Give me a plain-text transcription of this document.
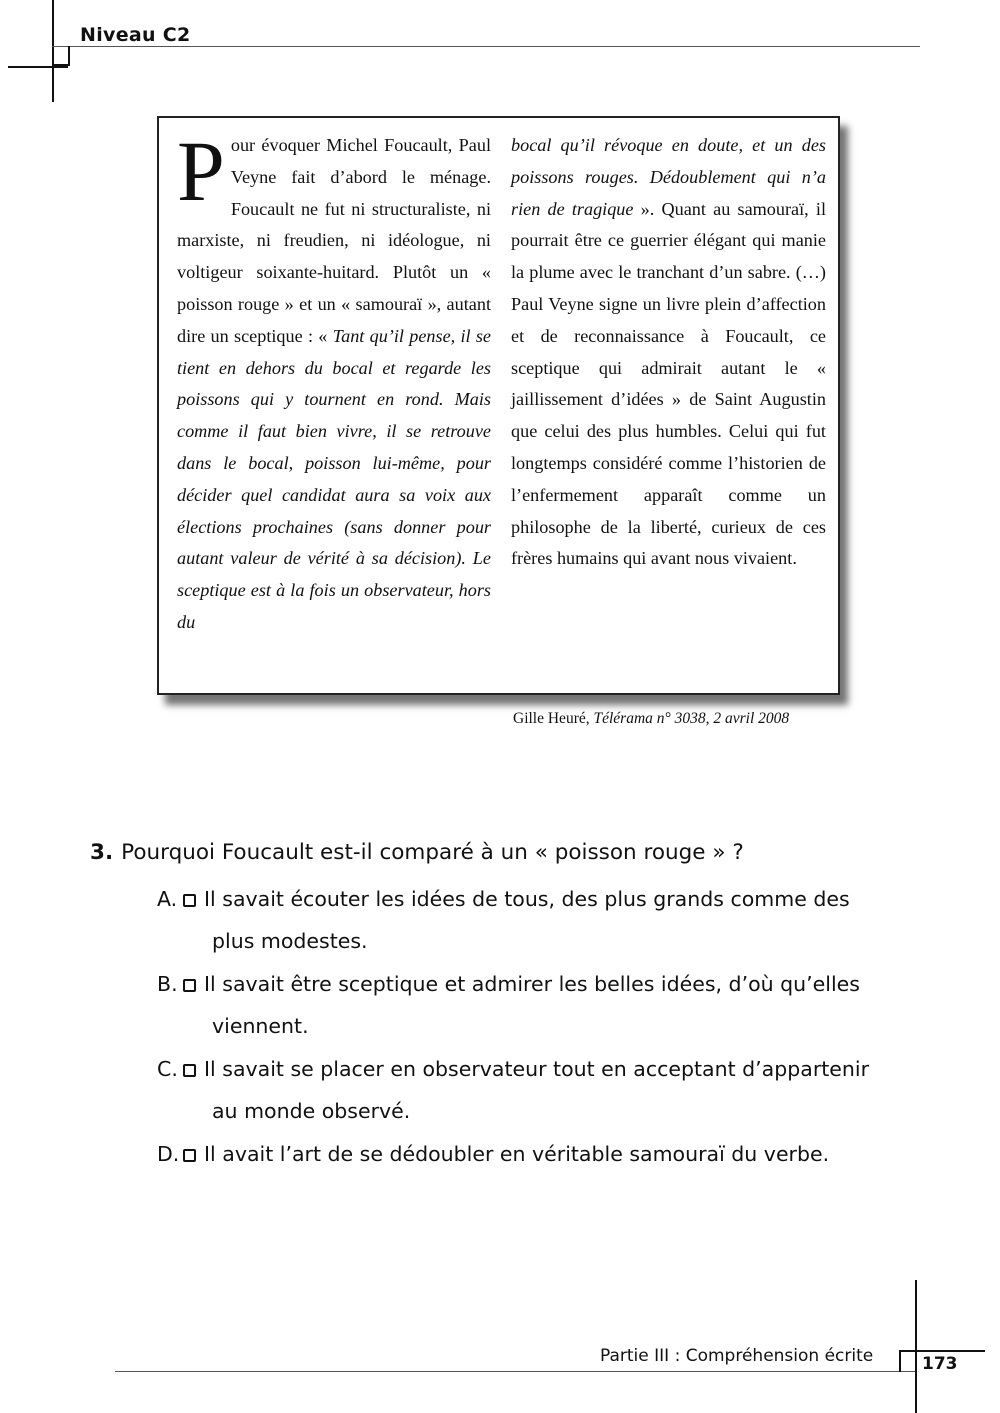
Niveau C2

Pour évoquer Michel Foucault, Paul Veyne fait d’abord le ménage. Foucault ne fut ni structuraliste, ni marxiste, ni freudien, ni idéologue, ni voltigeur soixante-huitard. Plutôt un « poisson rouge » et un « samouraï », autant dire un sceptique : « Tant qu’il pense, il se tient en dehors du bocal et regarde les poissons qui y tournent en rond. Mais comme il faut bien vivre, il se retrouve dans le bocal, poisson lui-même, pour décider quel candidat aura sa voix aux élections prochaines (sans donner pour autant valeur de vérité à sa décision). Le sceptique est à la fois un observateur, hors du

bocal qu’il révoque en doute, et un des poissons rouges. Dédoublement qui n’a rien de tragique ». Quant au samouraï, il pourrait être ce guerrier élégant qui manie la plume avec le tranchant d’un sabre. (…) Paul Veyne signe un livre plein d’affection et de reconnaissance à Foucault, ce sceptique qui admirait autant le « jaillissement d’idées » de Saint Augustin que celui des plus humbles. Celui qui fut longtemps considéré comme l’historien de l’enfermement apparaît comme un philosophe de la liberté, curieux de ces frères humains qui avant nous vivaient.

Gille Heuré, Télérama n° 3038, 2 avril 2008
3. Pourquoi Foucault est-il comparé à un « poisson rouge » ?
A. Il savait écouter les idées de tous, des plus grands comme des
plus modestes.
B. Il savait être sceptique et admirer les belles idées, d’où qu’elles
viennent.
C. Il savait se placer en observateur tout en acceptant d’appartenir
au monde observé.
D. Il avait l’art de se dédoubler en véritable samouraï du verbe.
Partie III : Compréhension écrite	173
